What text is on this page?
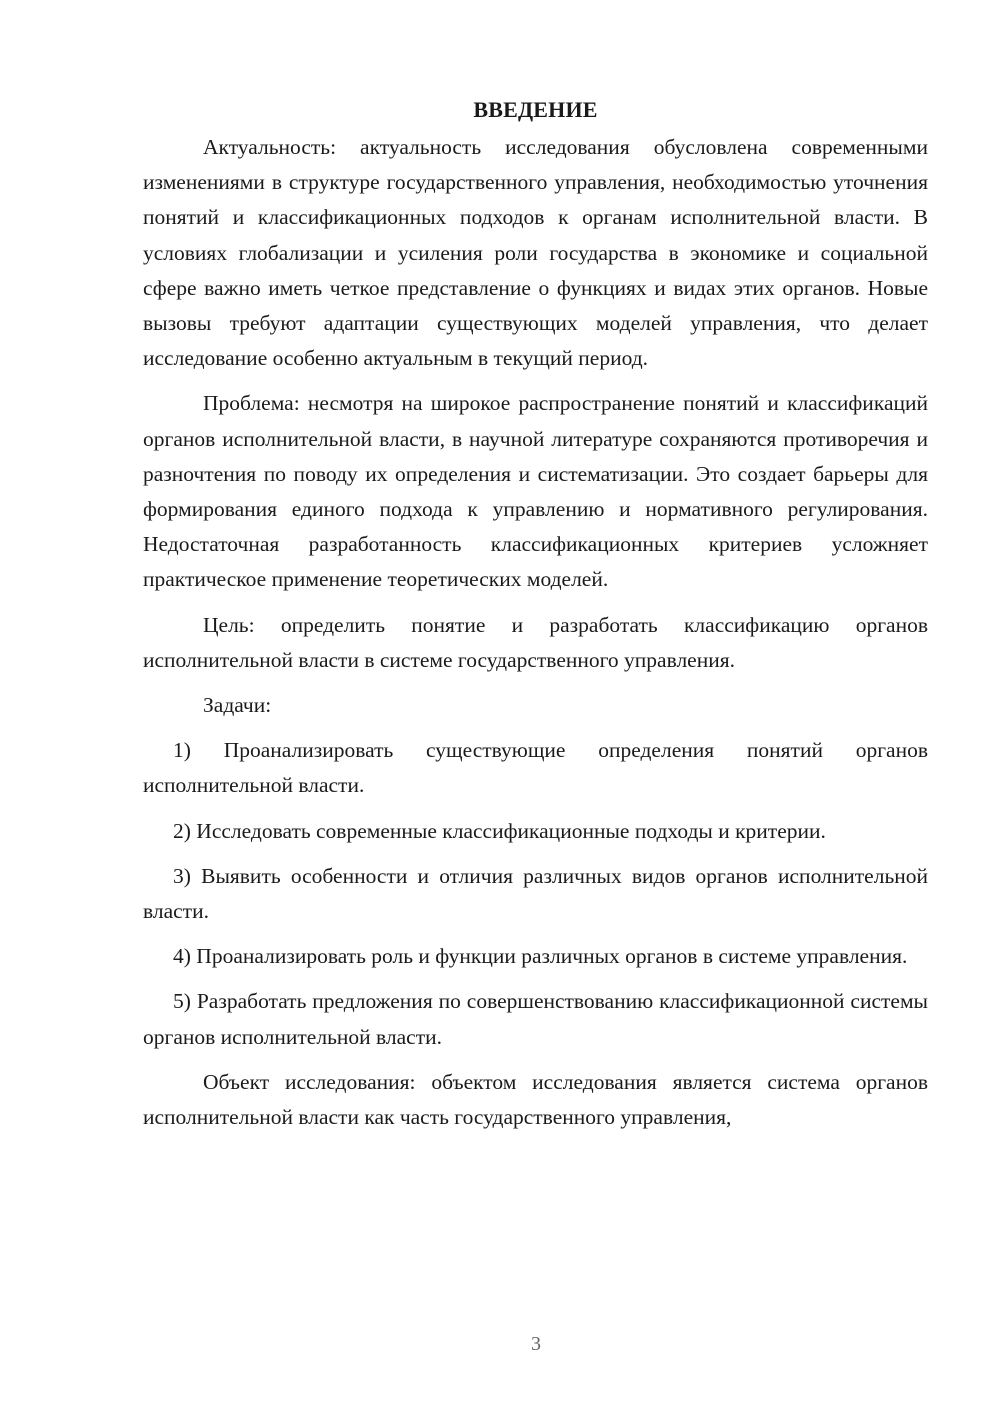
ВВЕДЕНИЕ

Актуальность: актуальность исследования обусловлена современными изменениями в структуре государственного управления, необходимостью уточнения понятий и классификационных подходов к органам исполнительной власти. В условиях глобализации и усиления роли государства в экономике и социальной сфере важно иметь четкое представление о функциях и видах этих органов. Новые вызовы требуют адаптации существующих моделей управления, что делает исследование особенно актуальным в текущий период.

Проблема: несмотря на широкое распространение понятий и классификаций органов исполнительной власти, в научной литературе сохраняются противоречия и разночтения по поводу их определения и систематизации. Это создает барьеры для формирования единого подхода к управлению и нормативного регулирования. Недостаточная разработанность классификационных критериев усложняет практическое применение теоретических моделей.

Цель: определить понятие и разработать классификацию органов исполнительной власти в системе государственного управления.

Задачи:

1) Проанализировать существующие определения понятий органов исполнительной власти.

2) Исследовать современные классификационные подходы и критерии.

3) Выявить особенности и отличия различных видов органов исполнительной власти.

4) Проанализировать роль и функции различных органов в системе управления.

5) Разработать предложения по совершенствованию классификационной системы органов исполнительной власти.

Объект исследования: объектом исследования является система органов исполнительной власти как часть государственного управления,

3
